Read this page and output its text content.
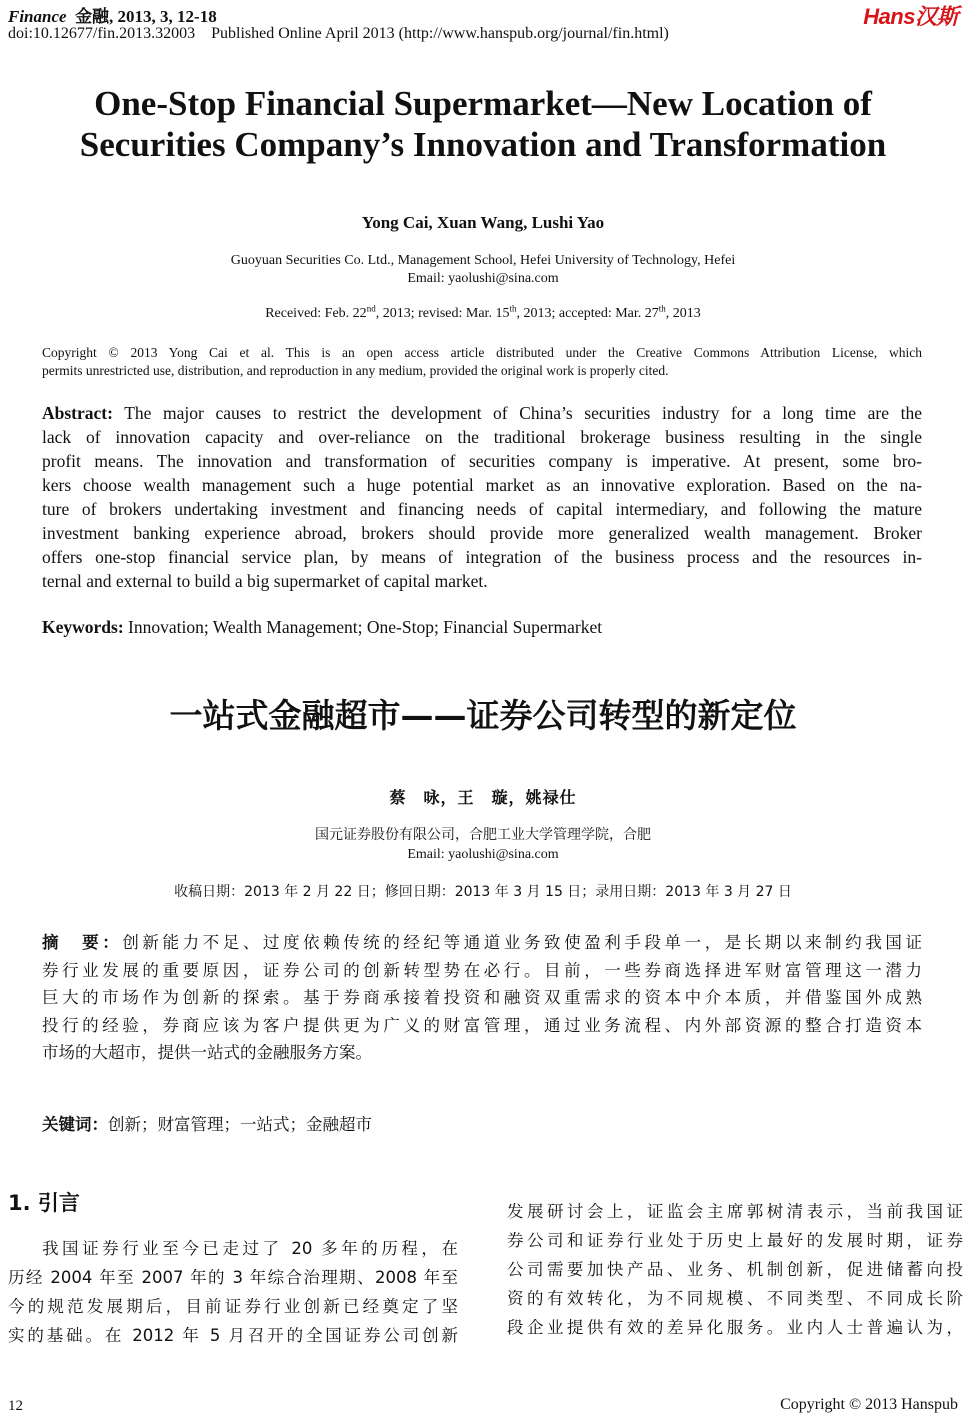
Finance 金融, 2013, 3, 12-18
doi:10.12677/fin.2013.32003    Published Online April 2013 (http://www.hanspub.org/journal/fin.html)
Hans汉斯
One-Stop Financial Supermarket—New Location of
Securities Company’s Innovation and Transformation
Yong Cai, Xuan Wang, Lushi Yao
Guoyuan Securities Co. Ltd., Management School, Hefei University of Technology, Hefei
Email: yaolushi@sina.com
Received: Feb. 22nd, 2013; revised: Mar. 15th, 2013; accepted: Mar. 27th, 2013
Copyright © 2013 Yong Cai et al. This is an open access article distributed under the Creative Commons Attribution License, which
permits unrestricted use, distribution, and reproduction in any medium, provided the original work is properly cited.
Abstract: The major causes to restrict the development of China’s securities industry for a long time are the
lack of innovation capacity and over-reliance on the traditional brokerage business resulting in the single
profit means. The innovation and transformation of securities company is imperative. At present, some bro-
kers choose wealth management such a huge potential market as an innovative exploration. Based on the na-
ture of brokers undertaking investment and financing needs of capital intermediary, and following the mature
investment banking experience abroad, brokers should provide more generalized wealth management. Broker
offers one-stop financial service plan, by means of integration of the business process and the resources in-
ternal and external to build a big supermarket of capital market.
Keywords: Innovation; Wealth Management; One-Stop; Financial Supermarket
一站式金融超市——证券公司转型的新定位
蔡　咏，王　璇，姚禄仕
国元证券股份有限公司，合肥工业大学管理学院，合肥
Email: yaolushi@sina.com
收稿日期：2013 年 2 月 22 日；修回日期：2013 年 3 月 15 日；录用日期：2013 年 3 月 27 日
摘　要：创新能力不足、过度依赖传统的经纪等通道业务致使盈利手段单一，是长期以来制约我国证
券行业发展的重要原因，证券公司的创新转型势在必行。目前，一些券商选择进军财富管理这一潜力
巨大的市场作为创新的探索。基于券商承接着投资和融资双重需求的资本中介本质，并借鉴国外成熟
投行的经验，券商应该为客户提供更为广义的财富管理，通过业务流程、内外部资源的整合打造资本
市场的大超市，提供一站式的金融服务方案。
关键词：创新；财富管理；一站式；金融超市
1. 引言
我国证券行业至今已走过了 20 多年的历程，在
历经 2004 年至 2007 年的 3 年综合治理期、2008 年至
今的规范发展期后，目前证券行业创新已经奠定了坚
实的基础。在 2012 年 5 月召开的全国证券公司创新
发展研讨会上，证监会主席郭树清表示，当前我国证
券公司和证券行业处于历史上最好的发展时期，证券
公司需要加快产品、业务、机制创新，促进储蓄向投
资的有效转化，为不同规模、不同类型、不同成长阶
段企业提供有效的差异化服务。业内人士普遍认为，
12	Copyright © 2013 Hanspub
